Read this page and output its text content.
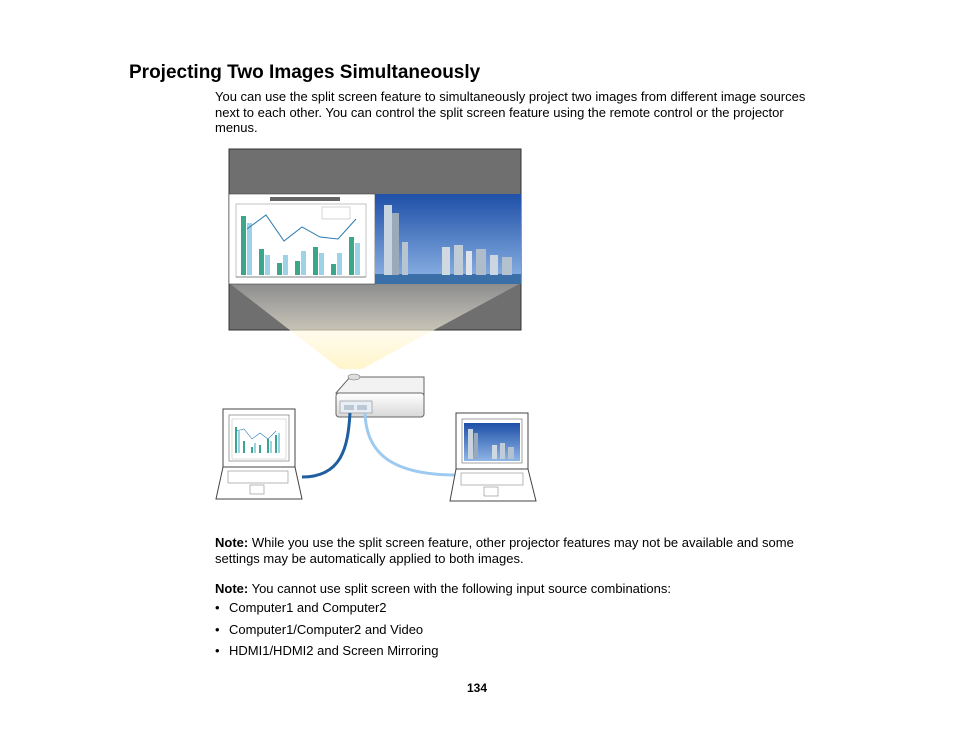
Projecting Two Images Simultaneously

You can use the split screen feature to simultaneously project two images from different image sources next to each other. You can control the split screen feature using the remote control or the projector menus.

Note: While you use the split screen feature, other projector features may not be available and some settings may be automatically applied to both images.

Note: You cannot use split screen with the following input source combinations:

• Computer1 and Computer2
• Computer1/Computer2 and Video
• HDMI1/HDMI2 and Screen Mirroring
134
